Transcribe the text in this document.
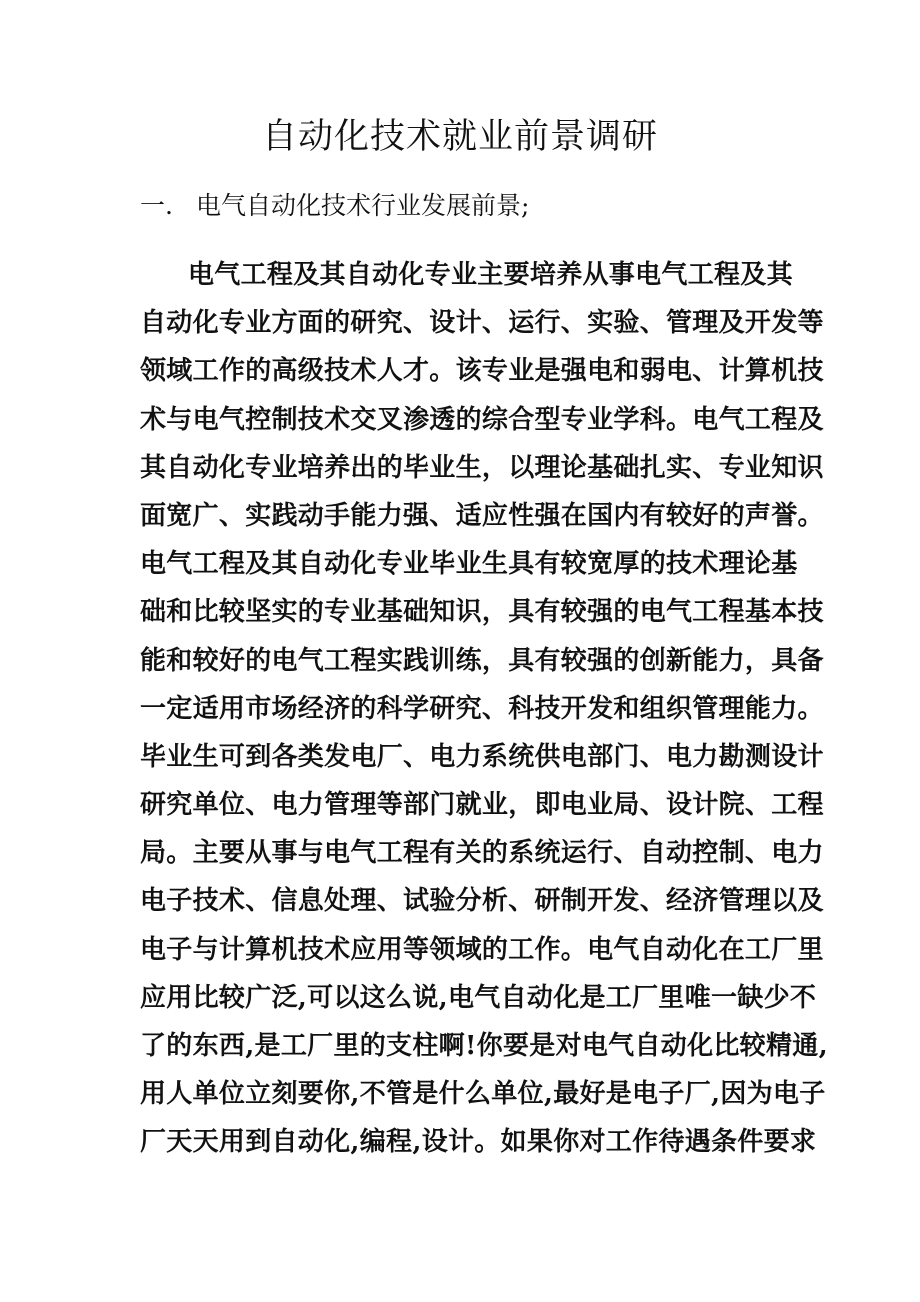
自动化技术就业前景调研

一. 电气自动化技术行业发展前景;

电气工程及其自动化专业主要培养从事电气工程及其
自动化专业方面的研究、设计、运行、实验、管理及开发等
领域工作的高级技术人才。该专业是强电和弱电、计算机技
术与电气控制技术交叉渗透的综合型专业学科。电气工程及
其自动化专业培养出的毕业生，以理论基础扎实、专业知识
面宽广、实践动手能力强、适应性强在国内有较好的声誉。
电气工程及其自动化专业毕业生具有较宽厚的技术理论基
础和比较坚实的专业基础知识，具有较强的电气工程基本技
能和较好的电气工程实践训练，具有较强的创新能力，具备
一定适用市场经济的科学研究、科技开发和组织管理能力。
毕业生可到各类发电厂、电力系统供电部门、电力勘测设计
研究单位、电力管理等部门就业，即电业局、设计院、工程
局。主要从事与电气工程有关的系统运行、自动控制、电力
电子技术、信息处理、试验分析、研制开发、经济管理以及
电子与计算机技术应用等领域的工作。电气自动化在工厂里
应用比较广泛,可以这么说,电气自动化是工厂里唯一缺少不
了的东西,是工厂里的支柱啊!你要是对电气自动化比较精通,
用人单位立刻要你,不管是什么单位,最好是电子厂,因为电子
厂天天用到自动化,编程,设计。如果你对工作待遇条件要求
